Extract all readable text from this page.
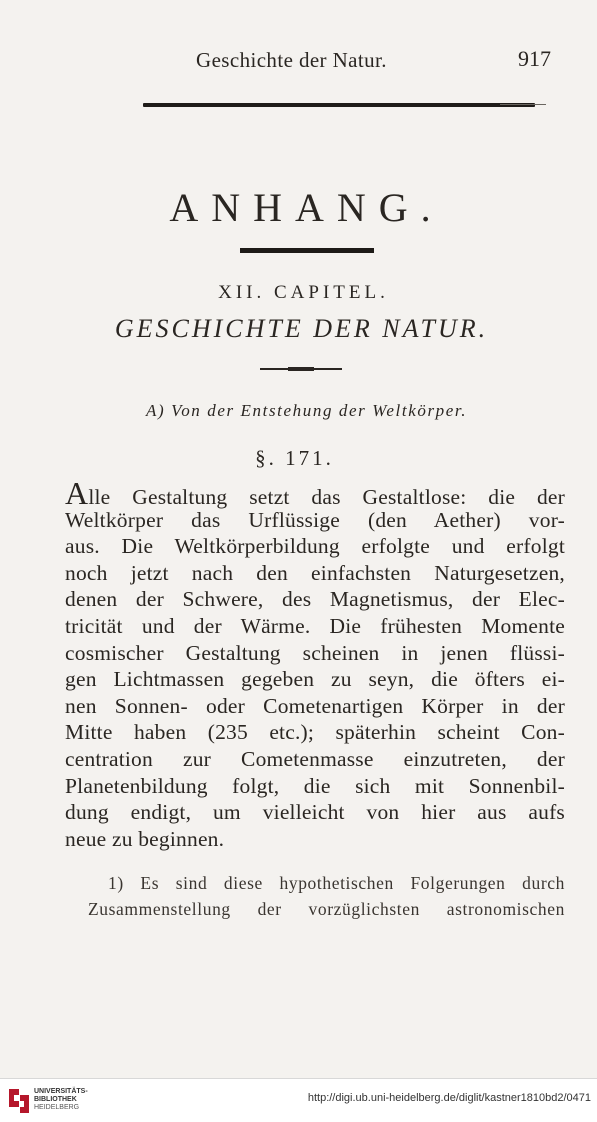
Geschichte der Natur.	917
ANHANG.
XII. CAPITEL.
GESCHICHTE DER NATUR.
A) Von der Entstehung der Weltkörper.
§. 171.
Alle Gestaltung setzt das Gestaltlose: die der
Weltkörper das Urflüssige (den Aether) vor-
aus. Die Weltkörperbildung erfolgte und erfolgt
noch jetzt nach den einfachsten Naturgesetzen,
denen der Schwere, des Magnetismus, der Elec-
tricität und der Wärme. Die frühesten Momente
cosmischer Gestaltung scheinen in jenen flüssi-
gen Lichtmassen gegeben zu seyn, die öfters ei-
nen Sonnen- oder Cometenartigen Körper in der
Mitte haben (235 etc.); späterhin scheint Con-
centration zur Cometenmasse einzutreten, der
Planetenbildung folgt, die sich mit Sonnenbil-
dung endigt, um vielleicht von hier aus aufs
neue zu beginnen.
1) Es sind diese hypothetischen Folgerungen durch
Zusammenstellung der vorzüglichsten astronomischen
UNIVERSITÄTS-
BIBLIOTHEK
HEIDELBERG
http://digi.ub.uni-heidelberg.de/diglit/kastner1810bd2/0471
